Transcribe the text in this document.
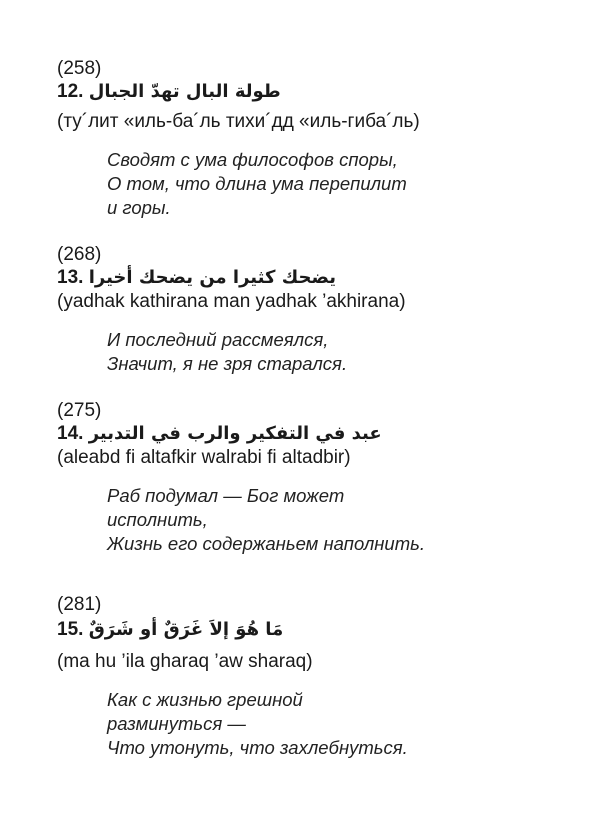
(258)

12. طولة البال تهدّ الجبال

(ту´лит «иль-ба´ль тихи´дд «иль-гиба´ль)

Сводят с ума философов споры,
О том, что длина ума перепилит
и горы.

(268)

13. يضحك كثيرا من يضحك أخيرا

(yadhak kathirana man yadhak ’akhirana)

И последний рассмеялся,
Значит, я не зря старался.

(275)

14. عبد في التفكير والرب في التدبير

(aleabd fi altafkir walrabi fi altadbir)

Раб подумал — Бог может
исполнить,
Жизнь его содержаньем наполнить.

(281)

15. مَا هُوَ إلاَ غَرَقٌ أو شَرَقٌ

(ma hu ’ila gharaq ’aw sharaq)

Как с жизнью грешной
разминуться —
Что утонуть, что захлебнуться.
